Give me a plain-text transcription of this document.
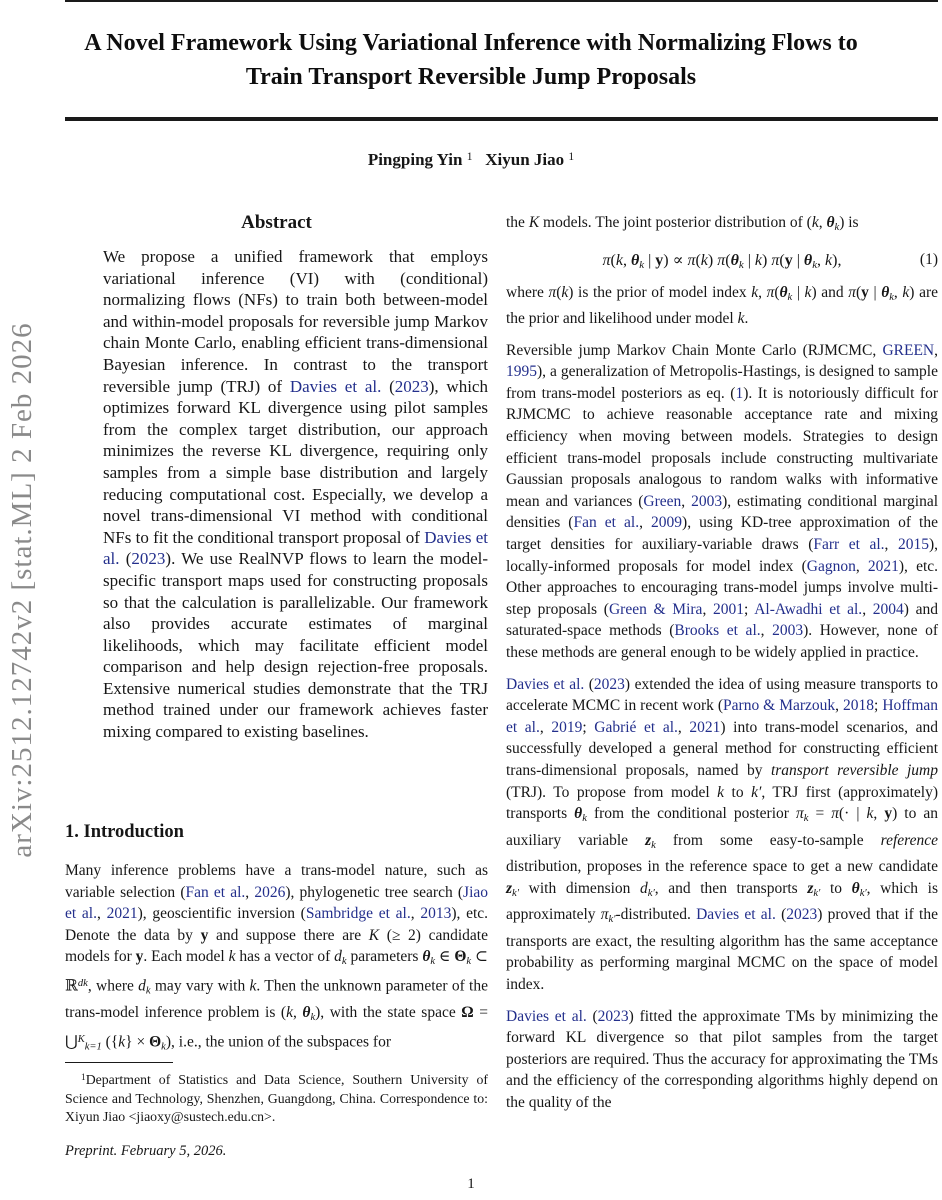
A Novel Framework Using Variational Inference with Normalizing Flows to
Train Transport Reversible Jump Proposals
Pingping Yin $^1$ Xiyun Jiao $^1$
arXiv:2512.12742v2 [stat.ML] 2 Feb 2026
Abstract
We propose a unified framework that employs variational inference (VI) with (conditional) normalizing flows (NFs) to train both between-model and within-model proposals for reversible jump Markov chain Monte Carlo, enabling efficient trans-dimensional Bayesian inference. In contrast to the transport reversible jump (TRJ) of Davies et al. (2023), which optimizes forward KL divergence using pilot samples from the complex target distribution, our approach minimizes the reverse KL divergence, requiring only samples from a simple base distribution and largely reducing computational cost. Especially, we develop a novel trans-dimensional VI method with conditional NFs to fit the conditional transport proposal of Davies et al. (2023). We use RealNVP flows to learn the model-specific transport maps used for constructing proposals so that the calculation is parallelizable. Our framework also provides accurate estimates of marginal likelihoods, which may facilitate efficient model comparison and help design rejection-free proposals. Extensive numerical studies demonstrate that the TRJ method trained under our framework achieves faster mixing compared to existing baselines.
1. Introduction
Many inference problems have a trans-model nature, such as variable selection (Fan et al., 2026), phylogenetic tree search (Jiao et al., 2021), geoscientific inversion (Sambridge et al., 2013), etc. Denote the data by y and suppose there are K (≥ 2) candidate models for y. Each model k has a vector of dk parameters θk ∈ Θk ⊂ ℝ$^{dk}$, where dk may vary with k. Then the unknown parameter of the trans-model inference problem is (k, θk), with the state space Ω = ⋃$^K$k=1 ({k} × Θk), i.e., the union of the subspaces for

the K models. The joint posterior distribution of (k, θk) is

π(k, θk | y) ∝ π(k) π(θk | k) π(y | θk, k),	(1)

where π(k) is the prior of model index k, π(θk | k) and π(y | θk, k) are the prior and likelihood under model k.

Reversible jump Markov Chain Monte Carlo (RJMCMC, GREEN, 1995), a generalization of Metropolis-Hastings, is designed to sample from trans-model posteriors as eq. (1). It is notoriously difficult for RJMCMC to achieve reasonable acceptance rate and mixing efficiency when moving between models. Strategies to design efficient trans-model proposals include constructing multivariate Gaussian proposals analogous to random walks with informative mean and variances (Green, 2003), estimating conditional marginal densities (Fan et al., 2009), using KD-tree approximation of the target densities for auxiliary-variable draws (Farr et al., 2015), locally-informed proposals for model index (Gagnon, 2021), etc. Other approaches to encouraging trans-model jumps involve multi-step proposals (Green & Mira, 2001; Al-Awadhi et al., 2004) and saturated-space methods (Brooks et al., 2003). However, none of these methods are general enough to be widely applied in practice.

Davies et al. (2023) extended the idea of using measure transports to accelerate MCMC in recent work (Parno & Marzouk, 2018; Hoffman et al., 2019; Gabrié et al., 2021) into trans-model scenarios, and successfully developed a general method for constructing efficient trans-dimensional proposals, named by transport reversible jump (TRJ). To propose from model k to k′, TRJ first (approximately) transports θk from the conditional posterior πk = π(· | k, y) to an auxiliary variable zk from some easy-to-sample reference distribution, proposes in the reference space to get a new candidate zk′ with dimension dk′, and then transports zk′ to θk′, which is approximately πk′-distributed. Davies et al. (2023) proved that if the transports are exact, the resulting algorithm has the same acceptance probability as performing marginal MCMC on the space of model index.

Davies et al. (2023) fitted the approximate TMs by minimizing the forward KL divergence so that pilot samples from the target posteriors are required. Thus the accuracy for approximating the TMs and the efficiency of the corresponding algorithms highly depend on the quality of the

$^1$Department of Statistics and Data Science, Southern University of Science and Technology, Shenzhen, Guangdong, China. Correspondence to: Xiyun Jiao <jiaoxy@sustech.edu.cn>.
Preprint. February 5, 2026.
1
